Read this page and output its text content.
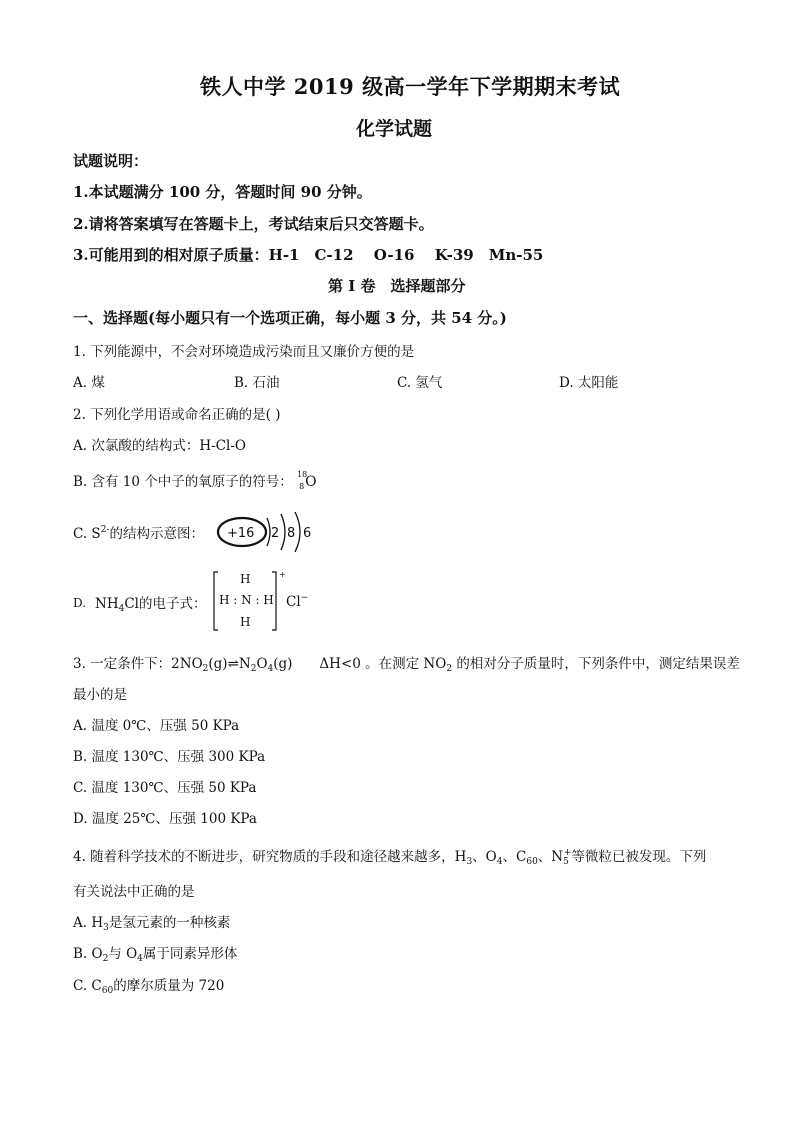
铁人中学 2019 级高一学年下学期期末考试
化学试题
试题说明：
1.本试题满分 100 分，答题时间 90 分钟。
2.请将答案填写在答题卡上，考试结束后只交答题卡。
3.可能用到的相对原子质量：H-1　C-12　 O-16　 K-39　Mn-55
第 I 卷　选择题部分
一、选择题(每小题只有一个选项正确，每小题 3 分，共 54 分。)
1. 下列能源中，不会对环境造成污染而且又廉价方便的是
A. 煤	B. 石油	C. 氢气	D. 太阳能
2. 下列化学用语或命名正确的是( )
A. 次氯酸的结构式：H-Cl-O
B. 含有 10 个中子的氧原子的符号： 18
8 O
C. $S^{2-}$的结构示意图： +16 2 8 6
D. $NH_4Cl$的电子式：
+
H
H : N : H
H
Cl−
3. 一定条件下：$2NO_2(g)\rightleftharpoons N_2O_4(g)$　　ΔH<0 。在测定 $NO_2$ 的相对分子质量时，下列条件中，测定结果误差
最小的是
A. 温度 0℃、压强 50 KPa
B. 温度 130℃、压强 300 KPa
C. 温度 130℃、压强 50 KPa
D. 温度 25℃、压强 100 KPa
4. 随着科学技术的不断进步，研究物质的手段和途径越来越多，$H_3$、$O_4$、$C_{60}$、$N_5^+$等微粒已被发现。下列
有关说法中正确的是
A. $H_3$是氢元素的一种核素
B. $O_2$与 $O_4$属于同素异形体
C. $C_{60}$的摩尔质量为 720
